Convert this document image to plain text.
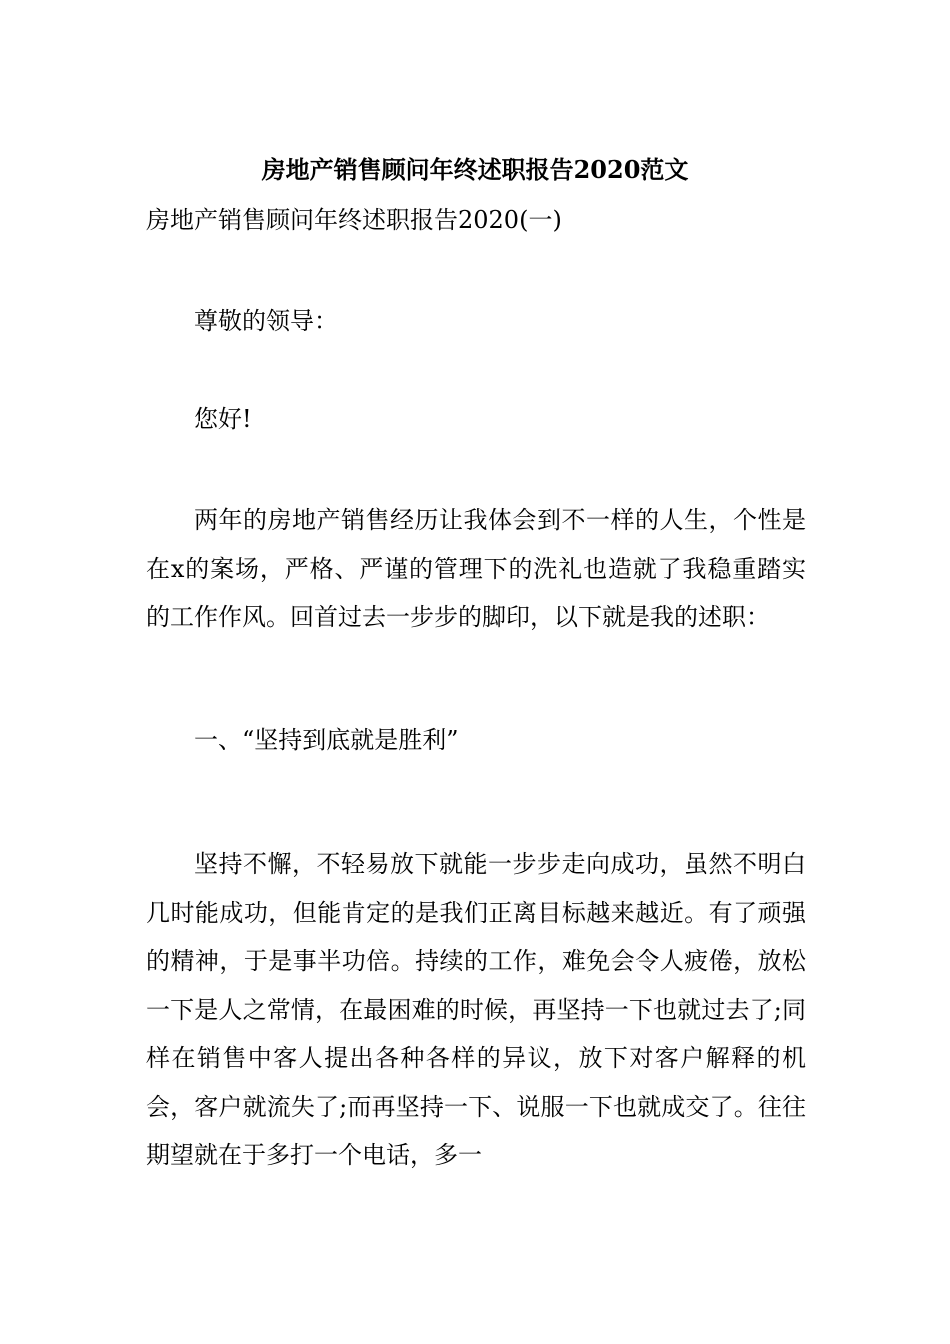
房地产销售顾问年终述职报告2020范文

房地产销售顾问年终述职报告2020(一)

尊敬的领导：

您好!

两年的房地产销售经历让我体会到不一样的人生，个性是在x的案场，严格、严谨的管理下的洗礼也造就了我稳重踏实的工作作风。回首过去一步步的脚印，以下就是我的述职：

一、“坚持到底就是胜利”

坚持不懈，不轻易放下就能一步步走向成功，虽然不明白几时能成功，但能肯定的是我们正离目标越来越近。有了顽强的精神，于是事半功倍。持续的工作，难免会令人疲倦，放松一下是人之常情，在最困难的时候，再坚持一下也就过去了;同样在销售中客人提出各种各样的异议，放下对客户解释的机会，客户就流失了;而再坚持一下、说服一下也就成交了。往往期望就在于多打一个电话，多一
